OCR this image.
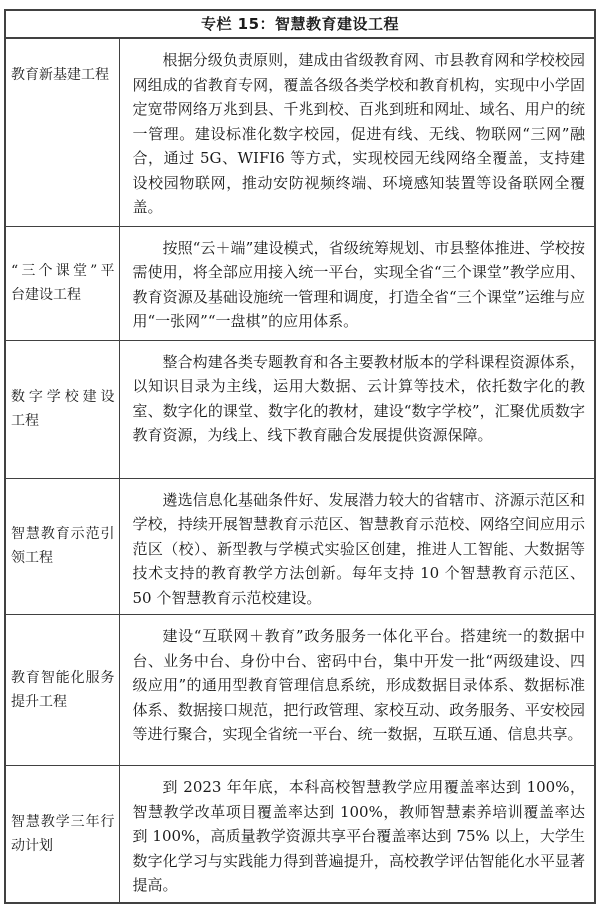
专栏 15：智慧教育建设工程	

教育新基建工程	根据分级负责原则，建成由省级教育网、市县教育网和学校校园网组成的省教育专网，覆盖各级各类学校和教育机构，实现中小学固定宽带网络万兆到县、千兆到校、百兆到班和网址、域名、用户的统一管理。建设标准化数字校园，促进有线、无线、物联网“三网”融合，通过 5G、WIFI6 等方式，实现校园无线网络全覆盖，支持建设校园物联网，推动安防视频终端、环境感知装置等设备联网全覆盖。

“三个课堂”平
台建设工程	按照“云＋端”建设模式，省级统筹规划、市县整体推进、学校按需使用，将全部应用接入统一平台，实现全省“三个课堂”教学应用、教育资源及基础设施统一管理和调度，打造全省“三个课堂”运维与应用“一张网”“一盘棋”的应用体系。

数字学校建设
工程	整合构建各类专题教育和各主要教材版本的学科课程资源体系，以知识目录为主线，运用大数据、云计算等技术，依托数字化的教室、数字化的课堂、数字化的教材，建设“数字学校”，汇聚优质数字教育资源，为线上、线下教育融合发展提供资源保障。

智慧教育示范引
领工程	遴选信息化基础条件好、发展潜力较大的省辖市、济源示范区和学校，持续开展智慧教育示范区、智慧教育示范校、网络空间应用示范区（校）、新型教与学模式实验区创建，推进人工智能、大数据等技术支持的教育教学方法创新。每年支持 10 个智慧教育示范区、50 个智慧教育示范校建设。

教育智能化服务
提升工程	建设“互联网＋教育”政务服务一体化平台。搭建统一的数据中台、业务中台、身份中台、密码中台，集中开发一批“两级建设、四级应用”的通用型教育管理信息系统，形成数据目录体系、数据标准体系、数据接口规范，把行政管理、家校互动、政务服务、平安校园等进行聚合，实现全省统一平台、统一数据，互联互通、信息共享。

智慧教学三年行
动计划	到 2023 年年底，本科高校智慧教学应用覆盖率达到 100%，智慧教学改革项目覆盖率达到 100%，教师智慧素养培训覆盖率达到 100%，高质量教学资源共享平台覆盖率达到 75% 以上，大学生数字化学习与实践能力得到普遍提升，高校教学评估智能化水平显著提高。
